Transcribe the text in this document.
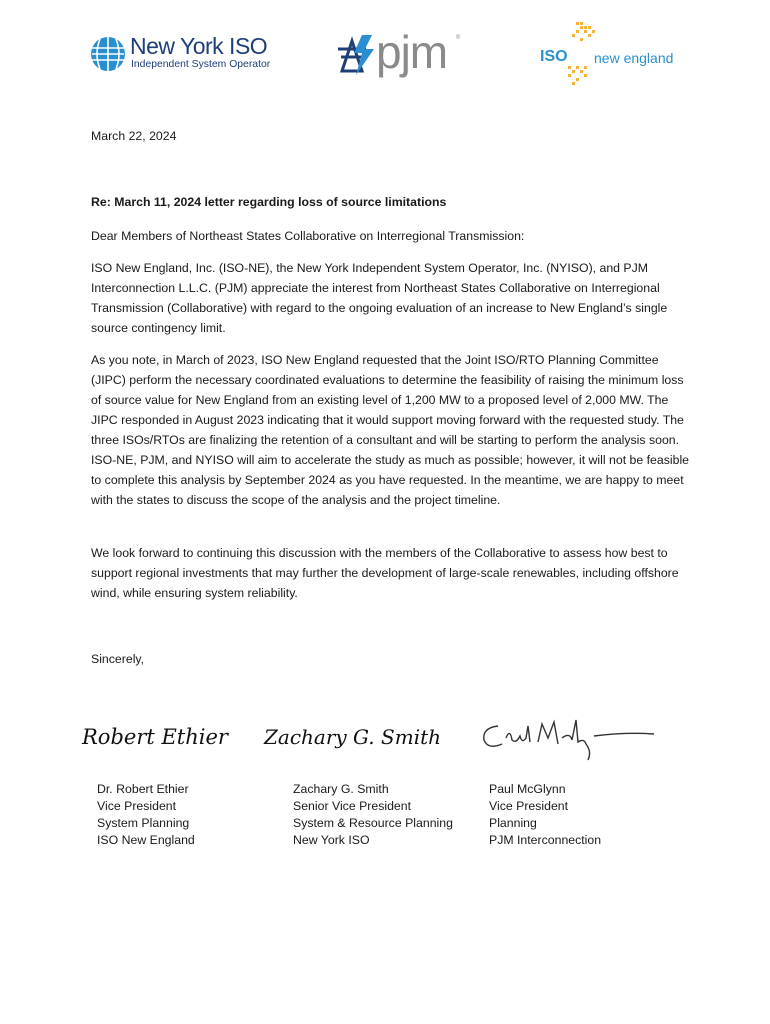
New York ISO
Independent System Operator pjm ®
ISO new england

March 22, 2024

Re: March 11, 2024 letter regarding loss of source limitations

Dear Members of Northeast States Collaborative on Interregional Transmission:

ISO New England, Inc. (ISO-NE), the New York Independent System Operator, Inc. (NYISO), and PJM Interconnection L.L.C. (PJM) appreciate the interest from Northeast States Collaborative on Interregional Transmission (Collaborative) with regard to the ongoing evaluation of an increase to New England’s single source contingency limit.

As you note, in March of 2023, ISO New England requested that the Joint ISO/RTO Planning Committee (JIPC) perform the necessary coordinated evaluations to determine the feasibility of raising the minimum loss of source value for New England from an existing level of 1,200 MW to a proposed level of 2,000 MW. The JIPC responded in August 2023 indicating that it would support moving forward with the requested study. The three ISOs/RTOs are finalizing the retention of a consultant and will be starting to perform the analysis soon. ISO-NE, PJM, and NYISO will aim to accelerate the study as much as possible; however, it will not be feasible to complete this analysis by September 2024 as you have requested. In the meantime, we are happy to meet with the states to discuss the scope of the analysis and the project timeline.

We look forward to continuing this discussion with the members of the Collaborative to assess how best to support regional investments that may further the development of large-scale renewables, including offshore wind, while ensuring system reliability.

Sincerely,

Robert Ethier Zachary G. Smith
Dr. Robert Ethier
Vice President
System Planning
ISO New England
Zachary G. Smith
Senior Vice President
System & Resource Planning
New York ISO
Paul McGlynn
Vice President
Planning
PJM Interconnection
